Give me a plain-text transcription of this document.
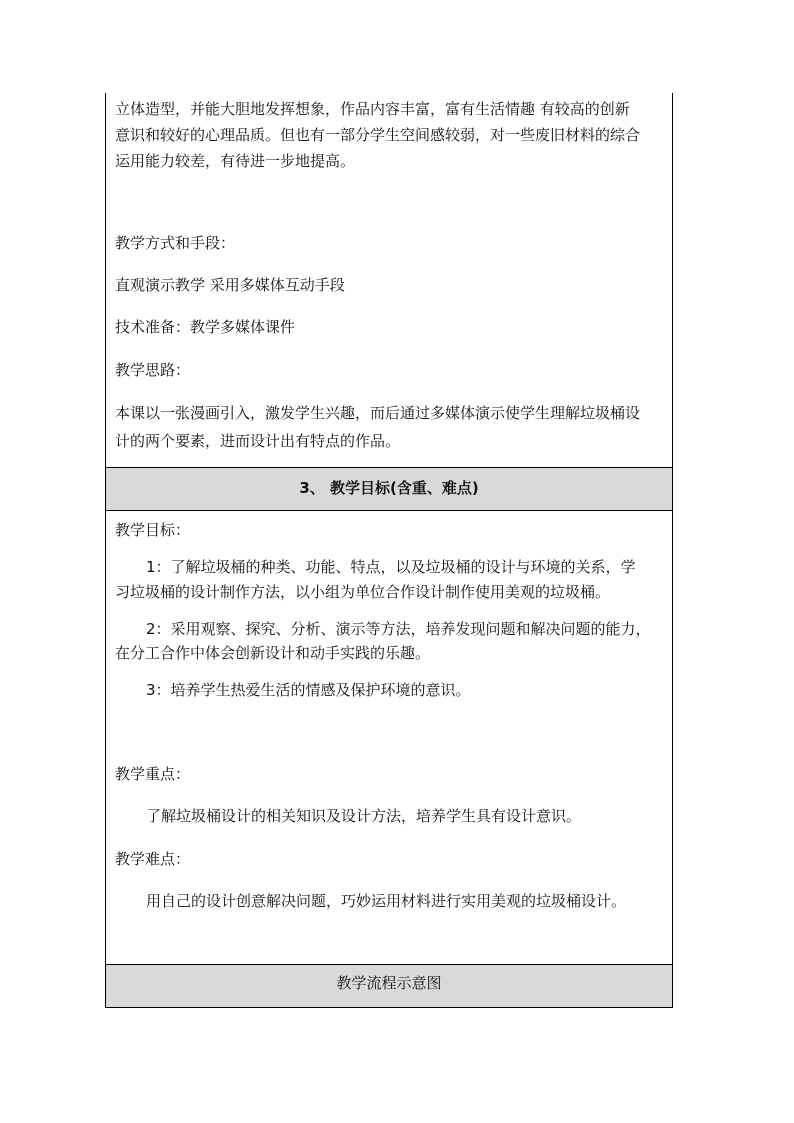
立体造型，并能大胆地发挥想象，作品内容丰富，富有生活情趣 有较高的创新
意识和较好的心理品质。但也有一部分学生空间感较弱，对一些废旧材料的综合
运用能力较差，有待进一步地提高。
教学方式和手段：
直观演示教学 采用多媒体互动手段
技术准备：教学多媒体课件
教学思路：
本课以一张漫画引入，激发学生兴趣，而后通过多媒体演示使学生理解垃圾桶设
计的两个要素，进而设计出有特点的作品。
3、 教学目标(含重、难点)
教学目标：
1：了解垃圾桶的种类、功能、特点，以及垃圾桶的设计与环境的关系，学
习垃圾桶的设计制作方法，以小组为单位合作设计制作使用美观的垃圾桶。
2：采用观察、探究、分析、演示等方法，培养发现问题和解决问题的能力，
在分工合作中体会创新设计和动手实践的乐趣。
3：培养学生热爱生活的情感及保护环境的意识。
教学重点：
了解垃圾桶设计的相关知识及设计方法，培养学生具有设计意识。
教学难点：
用自己的设计创意解决问题，巧妙运用材料进行实用美观的垃圾桶设计。
教学流程示意图
